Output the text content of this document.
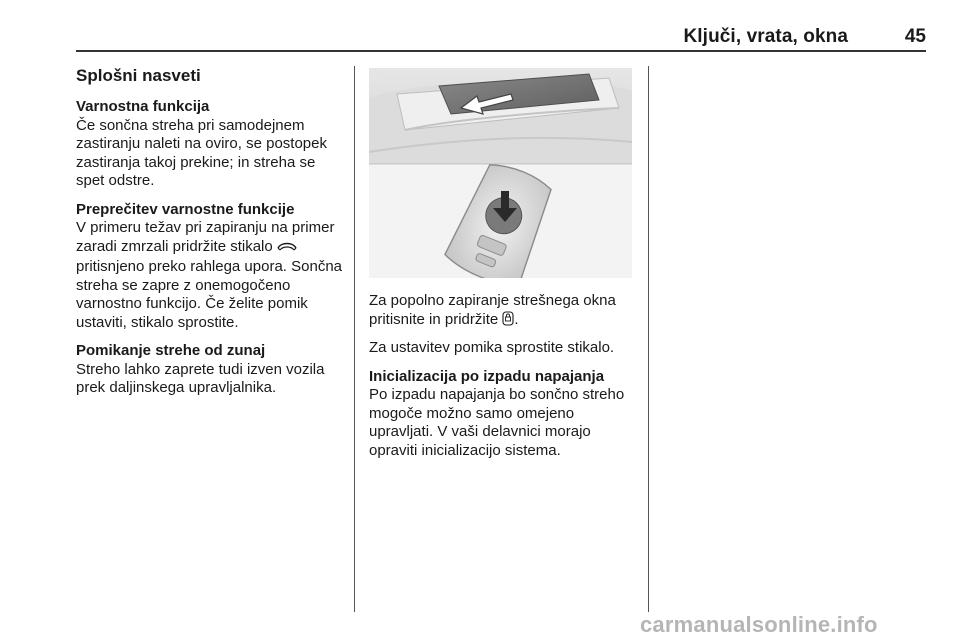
Ključi, vrata, okna	45
Splošni nasveti
Varnostna funkcija

Če sončna streha pri samodejnem zastiranju naleti na oviro, se postopek zastiranja takoj prekine; in streha se spet odstre.

Preprečitev varnostne funkcije

V primeru težav pri zapiranju na primer zaradi zmrzali pridržite stikalo  pritisnjeno preko rahlega upora. Sončna streha se zapre z onemogočeno varnostno funkcijo. Če želite pomik ustaviti, stikalo sprostite.

Pomikanje strehe od zunaj

Streho lahko zaprete tudi izven vozila prek daljinskega upravljalnika.

Za popolno zapiranje strešnega okna pritisnite in pridržite .

Za ustavitev pomika sprostite stikalo.

Inicializacija po izpadu napajanja

Po izpadu napajanja bo sončno streho mogoče možno samo omejeno upravljati. V vaši delavnici morajo opraviti inicializacijo sistema.

carmanualsonline.info
